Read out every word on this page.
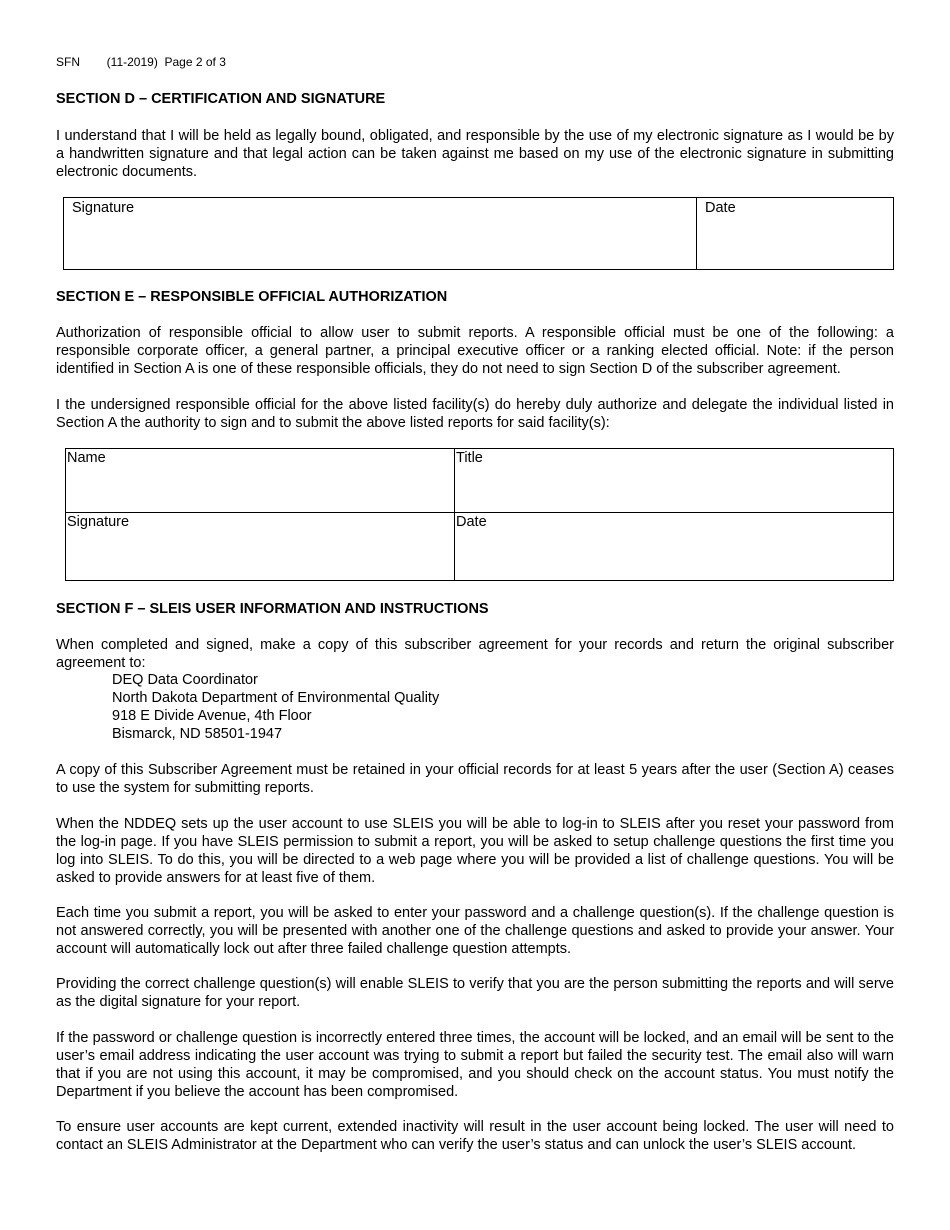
SFN        (11-2019)  Page 2 of 3
SECTION D – CERTIFICATION AND SIGNATURE
I understand that I will be held as legally bound, obligated, and responsible by the use of my electronic signature as I would be by a handwritten signature and that legal action can be taken against me based on my use of the electronic signature in submitting electronic documents.
Signature	Date
SECTION E – RESPONSIBLE OFFICIAL AUTHORIZATION
Authorization of responsible official to allow user to submit reports. A responsible official must be one of the following: a responsible corporate officer, a general partner, a principal executive officer or a ranking elected official. Note: if the person identified in Section A is one of these responsible officials, they do not need to sign Section D of the subscriber agreement.
I the undersigned responsible official for the above listed facility(s) do hereby duly authorize and delegate the individual listed in Section A the authority to sign and to submit the above listed reports for said facility(s):
Name	Title

Signature	Date
SECTION F – SLEIS USER INFORMATION AND INSTRUCTIONS
When completed and signed, make a copy of this subscriber agreement for your records and return the original subscriber agreement to:
DEQ Data Coordinator
North Dakota Department of Environmental Quality
918 E Divide Avenue, 4th Floor
Bismarck, ND 58501-1947
A copy of this Subscriber Agreement must be retained in your official records for at least 5 years after the user (Section A) ceases to use the system for submitting reports.
When the NDDEQ sets up the user account to use SLEIS you will be able to log-in to SLEIS after you reset your password from the log-in page. If you have SLEIS permission to submit a report, you will be asked to setup challenge questions the first time you log into SLEIS. To do this, you will be directed to a web page where you will be provided a list of challenge questions. You will be asked to provide answers for at least five of them.
Each time you submit a report, you will be asked to enter your password and a challenge question(s). If the challenge question is not answered correctly, you will be presented with another one of the challenge questions and asked to provide your answer. Your account will automatically lock out after three failed challenge question attempts.
Providing the correct challenge question(s) will enable SLEIS to verify that you are the person submitting the reports and will serve as the digital signature for your report.
If the password or challenge question is incorrectly entered three times, the account will be locked, and an email will be sent to the user’s email address indicating the user account was trying to submit a report but failed the security test. The email also will warn that if you are not using this account, it may be compromised, and you should check on the account status. You must notify the Department if you believe the account has been compromised.
To ensure user accounts are kept current, extended inactivity will result in the user account being locked. The user will need to contact an SLEIS Administrator at the Department who can verify the user’s status and can unlock the user’s SLEIS account.
